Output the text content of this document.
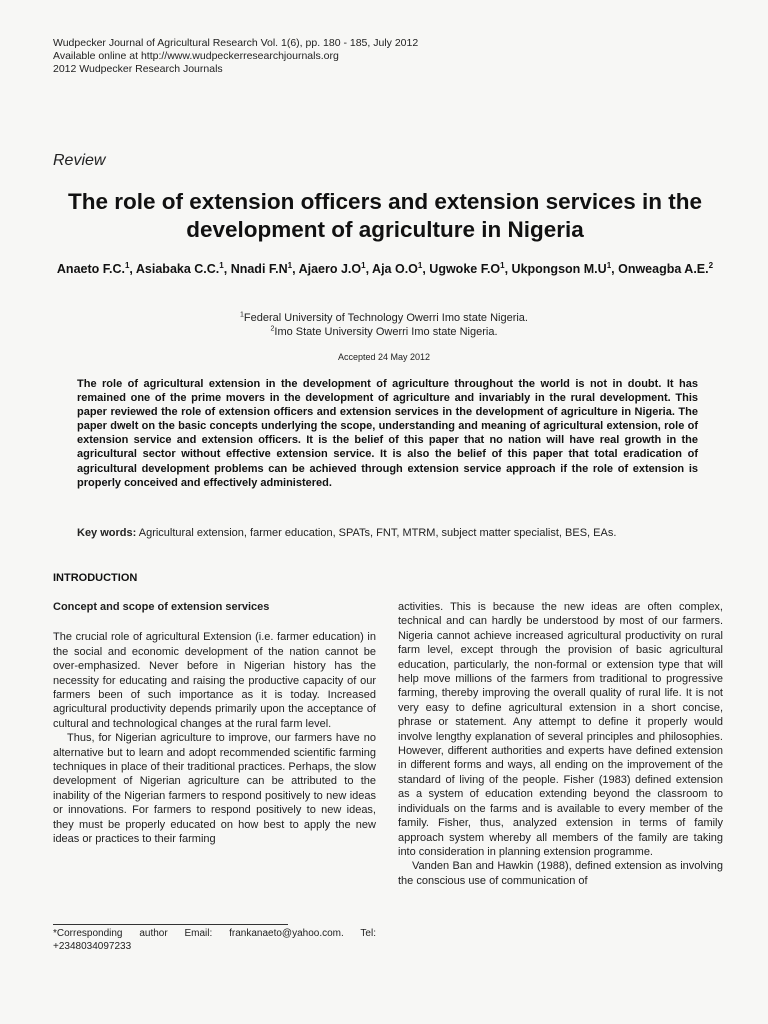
Wudpecker Journal of Agricultural Research Vol. 1(6), pp. 180 - 185, July 2012
Available online at http://www.wudpeckerresearchjournals.org
2012 Wudpecker Research Journals
Review
The role of extension officers and extension services in the development of agriculture in Nigeria
Anaeto F.C.$^1$, Asiabaka C.C.$^1$, Nnadi $F.N^1$, Ajaero $J.O^1$, Aja $O.O^1$, Ugwoke $F.O^1$, Ukpongson $M.U^1$, Onweagba A.E.$^2$
$^1$Federal University of Technology Owerri Imo state Nigeria.
$^2$Imo State University Owerri Imo state Nigeria.
Accepted 24 May 2012

The role of agricultural extension in the development of agriculture throughout the world is not in doubt. It has remained one of the prime movers in the development of agriculture and invariably in the rural development. This paper reviewed the role of extension officers and extension services in the development of agriculture in Nigeria. The paper dwelt on the basic concepts underlying the scope, understanding and meaning of agricultural extension, role of extension service and extension officers. It is the belief of this paper that no nation will have real growth in the agricultural sector without effective extension service. It is also the belief of this paper that total eradication of agricultural development problems can be achieved through extension service approach if the role of extension is properly conceived and effectively administered.

Key words: Agricultural extension, farmer education, SPATs, FNT, MTRM, subject matter specialist, BES, EAs.
INTRODUCTION
Concept and scope of extension services

The crucial role of agricultural Extension (i.e. farmer education) in the social and economic development of the nation cannot be over-emphasized. Never before in Nigerian history has the necessity for educating and raising the productive capacity of our farmers been of such importance as it is today. Increased agricultural productivity depends primarily upon the acceptance of cultural and technological changes at the rural farm level.

Thus, for Nigerian agriculture to improve, our farmers have no alternative but to learn and adopt recommended scientific farming techniques in place of their traditional practices. Perhaps, the slow development of Nigerian agriculture can be attributed to the inability of the Nigerian farmers to respond positively to new ideas or innovations. For farmers to respond positively to new ideas, they must be properly educated on how best to apply the new ideas or practices to their farming

activities. This is because the new ideas are often complex, technical and can hardly be understood by most of our farmers. Nigeria cannot achieve increased agricultural productivity on rural farm level, except through the provision of basic agricultural education, particularly, the non-formal or extension type that will help move millions of the farmers from traditional to progressive farming, thereby improving the overall quality of rural life. It is not very easy to define agricultural extension in a short concise, phrase or statement. Any attempt to define it properly would involve lengthy explanation of several principles and philosophies. However, different authorities and experts have defined extension in different forms and ways, all ending on the improvement of the standard of living of the people. Fisher (1983) defined extension as a system of education extending beyond the classroom to individuals on the farms and is available to every member of the family. Fisher, thus, analyzed extension in terms of family approach system whereby all members of the family are taking into consideration in planning extension programme.

Vanden Ban and Hawkin (1988), defined extension as involving the conscious use of communication of

*Corresponding author Email: frankanaeto@yahoo.com. Tel: +2348034097233
